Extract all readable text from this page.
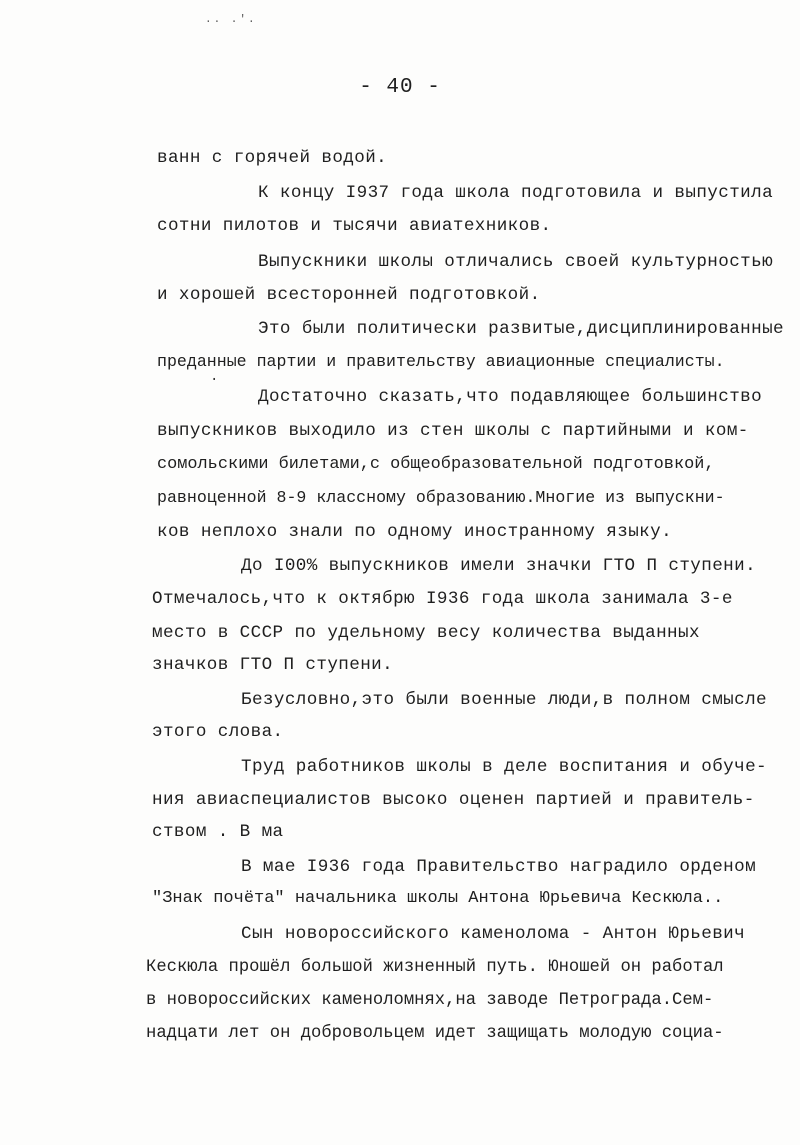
.. .'.
- 40 -
ванн с горячей водой.
К концу I937 года школа подготовила и выпустила
сотни пилотов и тысячи авиатехников.
Выпускники школы отличались своей культурностью
и хорошей всесторонней подготовкой.
Это были политически развитые,дисциплинированные
преданные партии и правительству авиационные специалисты.
Достаточно сказать,что подавляющее большинство
выпускников выходило из стен школы с партийными и ком-
сомольскими билетами,с общеобразовательной подготовкой,
равноценной 8-9 классному образованию.Многие из выпускни-
ков неплохо знали по одному иностранному языку.
До I00% выпускников имели значки ГТО П ступени.
Отмечалось,что к октябрю I936 года школа занимала 3-е
место в СССР по удельному весу количества выданных
значков ГТО П ступени.
Безусловно,это были военные люди,в полном смысле
этого слова.
Труд работников школы в деле воспитания и обуче-
ния авиаспециалистов высоко оценен партией и правитель-
ством . В ма
В мае I936 года Правительство наградило орденом
"Знак почёта" начальника школы Антона Юрьевича Кескюла..
Сын новороссийского каменолома - Антон Юрьевич
Кескюла прошёл большой жизненный путь. Юношей он работал
в новороссийских каменоломнях,на заводе Петрограда.Сем-
надцати лет он добровольцем идет защищать молодую социа-
·
